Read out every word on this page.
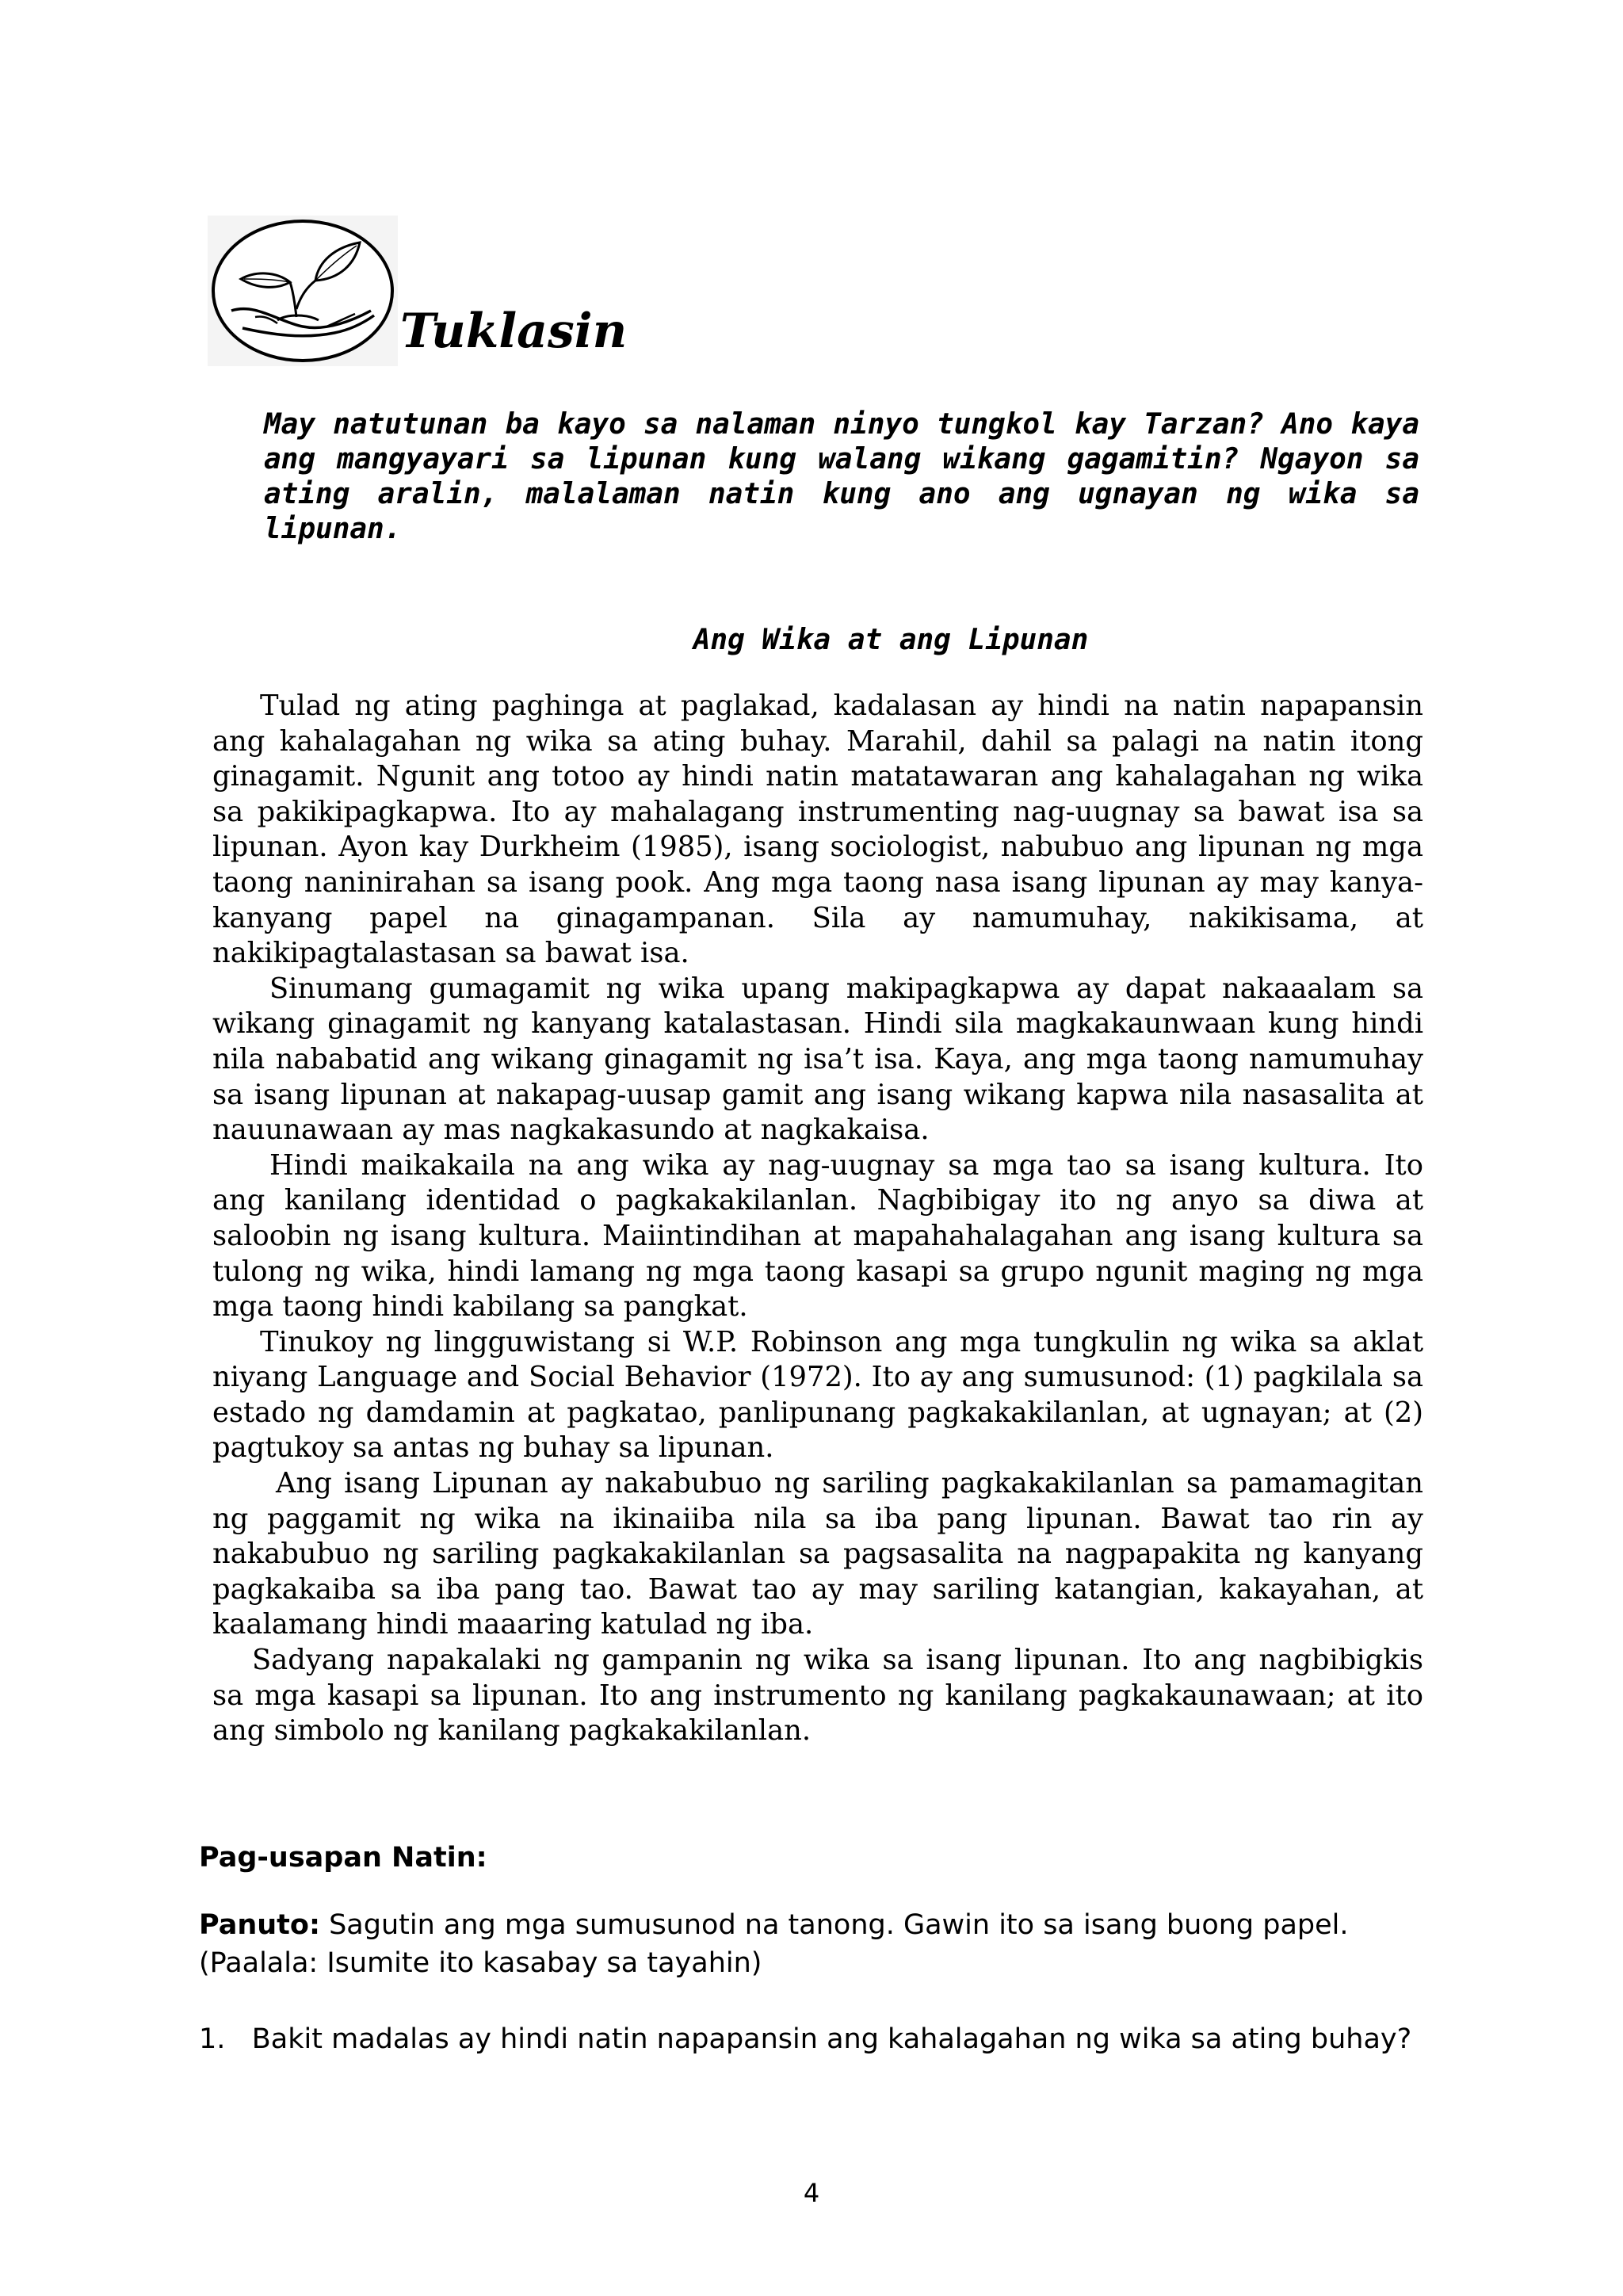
Tuklasin

May natutunan ba kayo sa nalaman ninyo tungkol kay Tarzan? Ano kaya ang mangyayari sa lipunan kung walang wikang gagamitin? Ngayon sa ating aralin, malalaman natin kung ano ang ugnayan ng wika sa lipunan.

Ang Wika at ang Lipunan

Tulad ng ating paghinga at paglakad, kadalasan ay hindi na natin napapansin ang kahalagahan ng wika sa ating buhay. Marahil, dahil sa palagi na natin itong ginagamit. Ngunit ang totoo ay hindi natin matatawaran ang kahalagahan ng wika sa pakikipagkapwa. Ito ay mahalagang instrumenting nag-uugnay sa bawat isa sa lipunan. Ayon kay Durkheim (1985), isang sociologist, nabubuo ang lipunan ng mga taong naninirahan sa isang pook. Ang mga taong nasa isang lipunan ay may kanya-kanyang papel na ginagampanan. Sila ay namumuhay, nakikisama, at nakikipagtalastasan sa bawat isa.

Sinumang gumagamit ng wika upang makipagkapwa ay dapat nakaaalam sa wikang ginagamit ng kanyang katalastasan. Hindi sila magkakaunwaan kung hindi nila nababatid ang wikang ginagamit ng isa’t isa. Kaya, ang mga taong namumuhay sa isang lipunan at nakapag-uusap gamit ang isang wikang kapwa nila nasasalita at nauunawaan ay mas nagkakasundo at nagkakaisa.

Hindi maikakaila na ang wika ay nag-uugnay sa mga tao sa isang kultura. Ito ang kanilang identidad o pagkakakilanlan. Nagbibigay ito ng anyo sa diwa at saloobin ng isang kultura. Maiintindihan at mapahahalagahan ang isang kultura sa tulong ng wika, hindi lamang ng mga taong kasapi sa grupo ngunit maging ng mga mga taong hindi kabilang sa pangkat.

Tinukoy ng lingguwistang si W.P. Robinson ang mga tungkulin ng wika sa aklat niyang Language and Social Behavior (1972). Ito ay ang sumusunod: (1) pagkilala sa estado ng damdamin at pagkatao, panlipunang pagkakakilanlan, at ugnayan; at (2) pagtukoy sa antas ng buhay sa lipunan.

Ang isang Lipunan ay nakabubuo ng sariling pagkakakilanlan sa pamamagitan ng paggamit ng wika na ikinaiiba nila sa iba pang lipunan. Bawat tao rin ay nakabubuo ng sariling pagkakakilanlan sa pagsasalita na nagpapakita ng kanyang pagkakaiba sa iba pang tao. Bawat tao ay may sariling katangian, kakayahan, at kaalamang hindi maaaring katulad ng iba.

Sadyang napakalaki ng gampanin ng wika sa isang lipunan. Ito ang nagbibigkis sa mga kasapi sa lipunan. Ito ang instrumento ng kanilang pagkakaunawaan; at ito ang simbolo ng kanilang pagkakakilanlan.

Pag-usapan Natin:

Panuto: Sagutin ang mga sumusunod na tanong. Gawin ito sa isang buong papel.
(Paalala: Isumite ito kasabay sa tayahin)

1. Bakit madalas ay hindi natin napapansin ang kahalagahan ng wika sa ating buhay?

4
